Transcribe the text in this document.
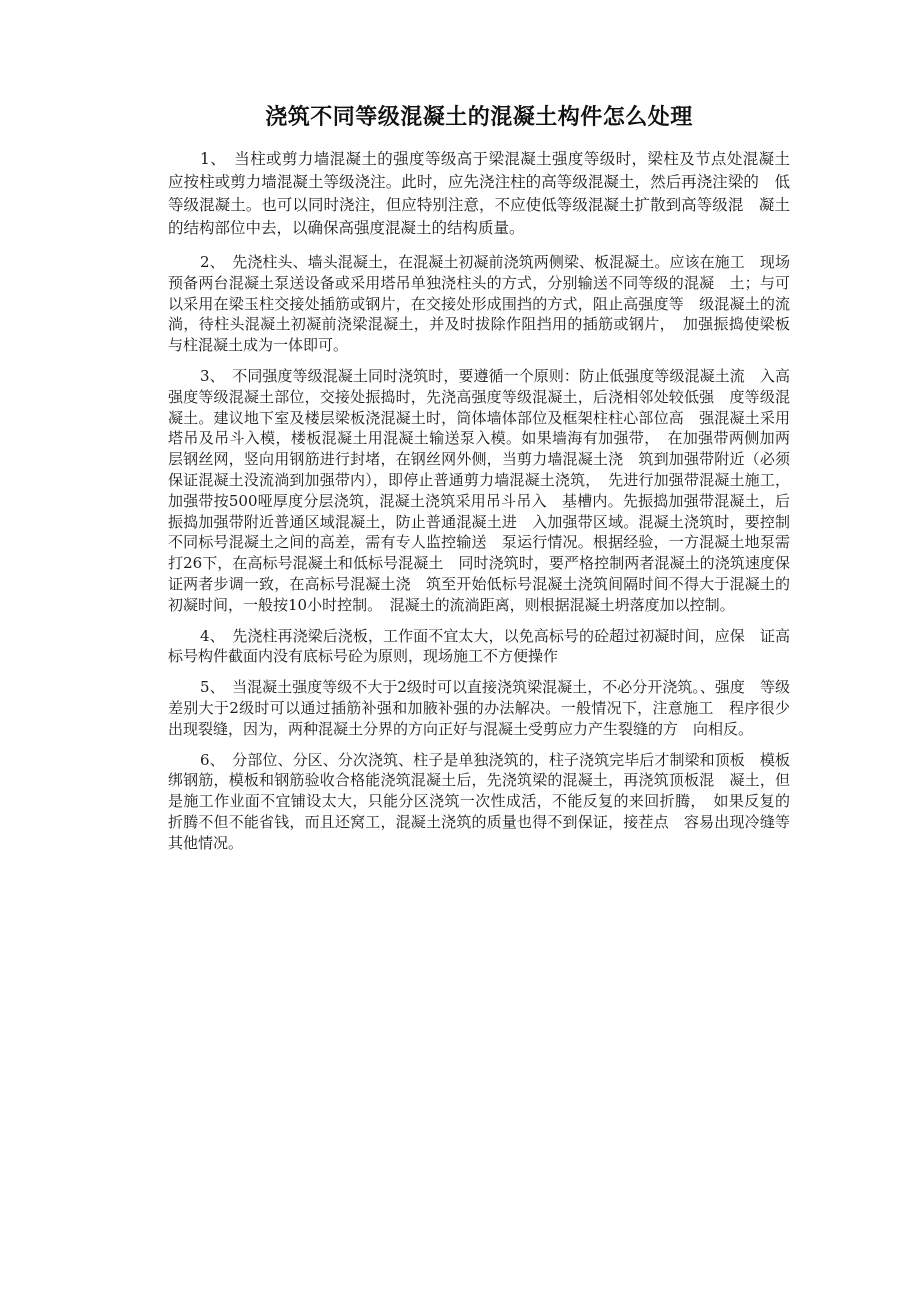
浇筑不同等级混凝土的混凝土构件怎么处理

1、　当柱或剪力墙混凝土的强度等级高于梁混凝土强度等级时，梁柱及节点处混凝土　应按柱或剪力墙混凝土等级浇注。此时，应先浇注柱的高等级混凝土，然后再浇注梁的　低等级混凝土。也可以同时浇注，但应特别注意，不应使低等级混凝土扩散到高等级混　凝土的结构部位中去，以确保高强度混凝土的结构质量。

2、　先浇柱头、墙头混凝土，在混凝土初凝前浇筑两侧梁、板混凝土。应该在施工　现场预备两台混凝土泵送设备或采用塔吊单独浇柱头的方式，分别输送不同等级的混凝　土；与可以采用在梁玉柱交接处插筋或钢片，在交接处形成围挡的方式，阻止高强度等　级混凝土的流淌，待柱头混凝土初凝前浇梁混凝土，并及时拔除作阻挡用的插筋或钢片，　加强振捣使梁板与柱混凝土成为一体即可。

3、　不同强度等级混凝土同时浇筑时，要遵循一个原则：防止低强度等级混凝土流　入高强度等级混凝土部位，交接处振捣时，先浇高强度等级混凝土，后浇相邻处较低强　度等级混凝土。建议地下室及楼层梁板浇混凝土时，筒体墙体部位及框架柱柱心部位高　强混凝土采用塔吊及吊斗入模，楼板混凝土用混凝土输送泵入模。如果墙海有加强带，　在加强带两侧加两层钢丝网，竖向用钢筋进行封堵，在钢丝网外侧，当剪力墙混凝土浇　筑到加强带附近（必须保证混凝土没流淌到加强带内），即停止普通剪力墙混凝土浇筑，　先进行加强带混凝土施工，加强带按500哑厚度分层浇筑，混凝土浇筑采用吊斗吊入　基槽内。先振捣加强带混凝土，后振捣加强带附近普通区域混凝土，防止普通混凝土进　入加强带区域。混凝土浇筑时，要控制不同标号混凝土之间的高差，需有专人监控输送　泵运行情况。根据经验，一方混凝土地泵需打26下，在高标号混凝土和低标号混凝土　同时浇筑时，要严格控制两者混凝土的浇筑速度保证两者步调一致，在高标号混凝土浇　筑至开始低标号混凝土浇筑间隔时间不得大于混凝土的初凝时间，一般按10小时控制。　混凝土的流淌距离，则根据混凝土坍落度加以控制。

4、　先浇柱再浇梁后浇板，工作面不宜太大，以免高标号的砼超过初凝时间，应保　证高标号构件截面内没有底标号砼为原则，现场施工不方便操作

5、　当混凝土强度等级不大于2级时可以直接浇筑梁混凝土，不必分开浇筑。、强度　等级差别大于2级时可以通过插筋补强和加腋补强的办法解决。一般情况下，注意施工　程序很少出现裂缝，因为，两种混凝土分界的方向正好与混凝土受剪应力产生裂缝的方　向相反。

6、　分部位、分区、分次浇筑、柱子是单独浇筑的，柱子浇筑完毕后才制梁和顶板　模板绑钢筋，模板和钢筋验收合格能浇筑混凝土后，先浇筑梁的混凝土，再浇筑顶板混　凝土，但是施工作业面不宜铺设太大，只能分区浇筑一次性成活，不能反复的来回折腾，　如果反复的折腾不但不能省钱，而且还窝工，混凝土浇筑的质量也得不到保证，接茬点　容易出现冷缝等其他情况。
